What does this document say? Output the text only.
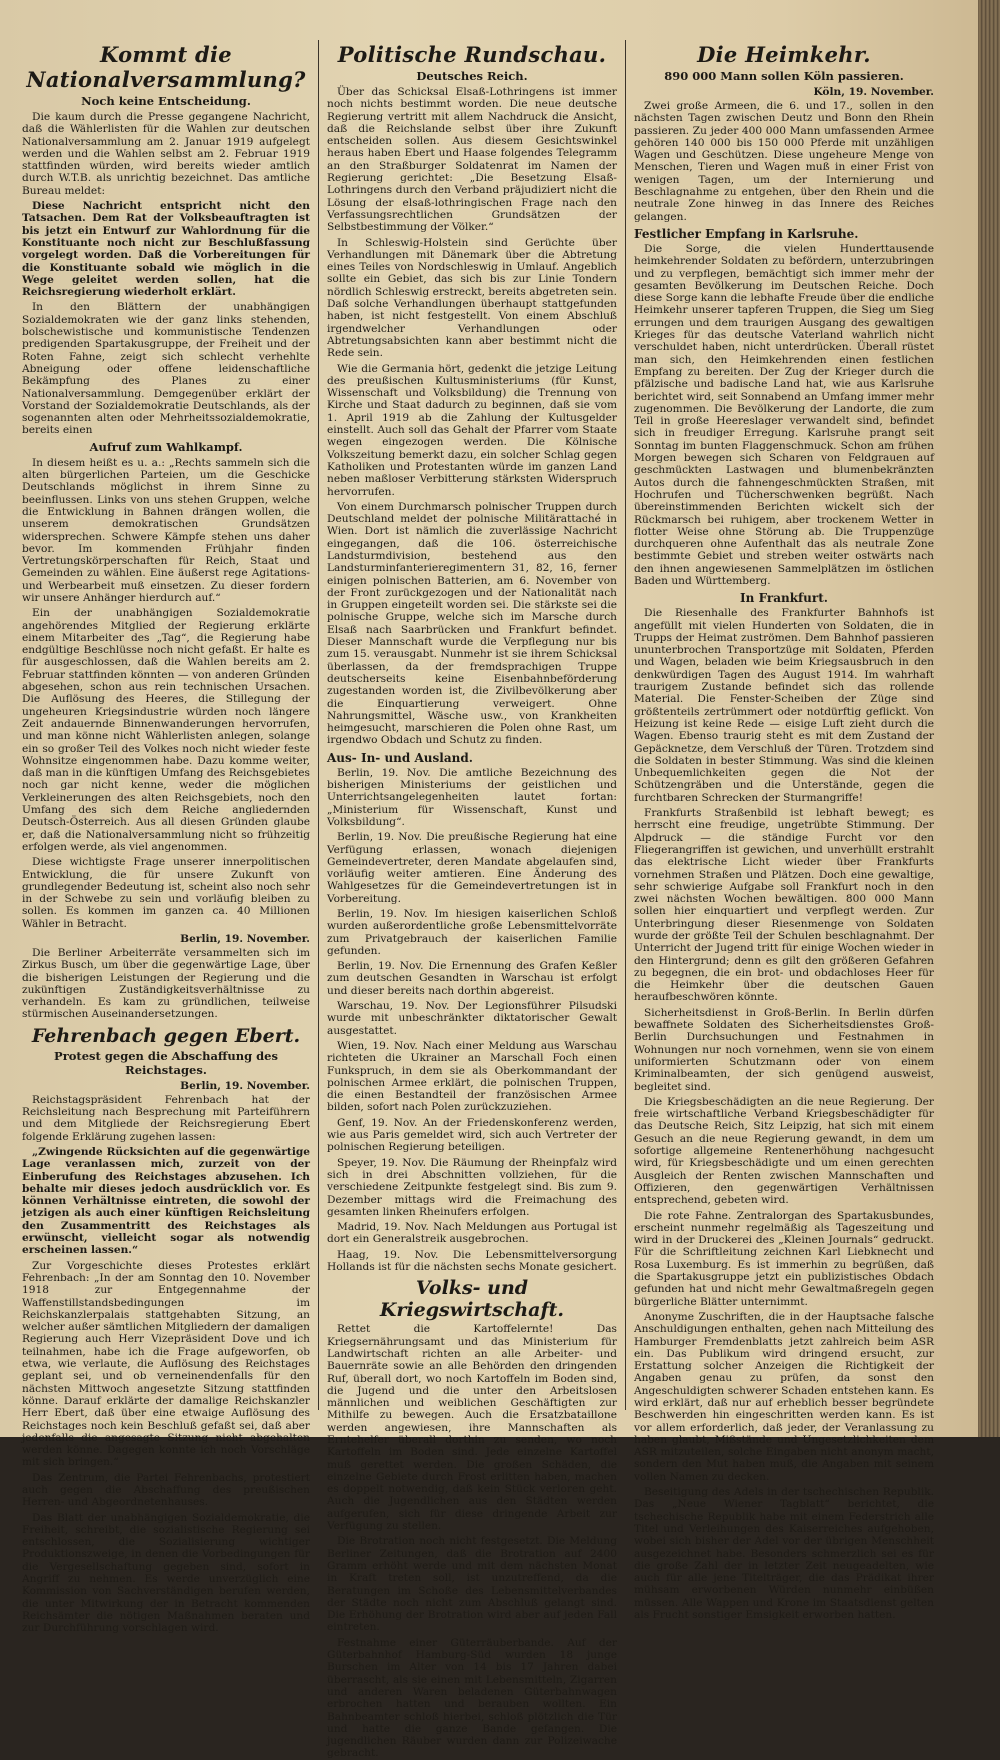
Kommt die Nationalversammlung?
Noch keine Entscheidung.

Die kaum durch die Presse gegangene Nachricht, daß die Wählerlisten für die Wahlen zur deutschen Nationalversammlung am 2. Januar 1919 aufgelegt werden und die Wahlen selbst am 2. Februar 1919 stattfinden würden, wird bereits wieder amtlich durch W.T.B. als unrichtig bezeichnet. Das amtliche Bureau meldet:

Diese Nachricht entspricht nicht den Tatsachen. Dem Rat der Volksbeauftragten ist bis jetzt ein Entwurf zur Wahlordnung für die Konstituante noch nicht zur Beschlußfassung vorgelegt worden. Daß die Vorbereitungen für die Konstituante sobald wie möglich in die Wege geleitet werden sollen, hat die Reichsregierung wiederholt erklärt.

In den Blättern der unabhängigen Sozialdemokraten wie der ganz links stehenden, bolschewistische und kommunistische Tendenzen predigenden Spartakusgruppe, der Freiheit und der Roten Fahne, zeigt sich schlecht verhehlte Abneigung oder offene leidenschaftliche Bekämpfung des Planes zu einer Nationalversammlung. Demgegenüber erklärt der Vorstand der Sozialdemokratie Deutschlands, als der sogenannten alten oder Mehrheitssozialdemokratie, bereits einen

Aufruf zum Wahlkampf.

In diesem heißt es u. a.: „Rechts sammeln sich die alten bürgerlichen Parteien, um die Geschicke Deutschlands möglichst in ihrem Sinne zu beeinflussen. Links von uns stehen Gruppen, welche die Entwicklung in Bahnen drängen wollen, die unserem demokratischen Grundsätzen widersprechen. Schwere Kämpfe stehen uns daher bevor. Im kommenden Frühjahr finden Vertretungskörperschaften für Reich, Staat und Gemeinden zu wählen. Eine äußerst rege Agitations- und Werbearbeit muß einsetzen. Zu dieser fordern wir unsere Anhänger hierdurch auf.“

Ein der unabhängigen Sozialdemokratie angehörendes Mitglied der Regierung erklärte einem Mitarbeiter des „Tag“, die Regierung habe endgültige Beschlüsse noch nicht gefaßt. Er halte es für ausgeschlossen, daß die Wahlen bereits am 2. Februar stattfinden könnten — von anderen Gründen abgesehen, schon aus rein technischen Ursachen. Die Auflösung des Heeres, die Stillegung der ungeheuren Kriegsindustrie würden noch längere Zeit andauernde Binnenwanderungen hervorrufen, und man könne nicht Wählerlisten anlegen, solange ein so großer Teil des Volkes noch nicht wieder feste Wohnsitze eingenommen habe. Dazu komme weiter, daß man in die künftigen Umfang des Reichsgebietes noch gar nicht kenne, weder die möglichen Verkleinerungen des alten Reichsgebiets, noch den Umfang des sich dem Reiche angliedernden Deutsch-Österreich. Aus all diesen Gründen glaube er, daß die Nationalversammlung nicht so frühzeitig erfolgen werde, als viel angenommen.

Diese wichtigste Frage unserer innerpolitischen Entwicklung, die für unsere Zukunft von grundlegender Bedeutung ist, scheint also noch sehr in der Schwebe zu sein und vorläufig bleiben zu sollen. Es kommen im ganzen ca. 40 Millionen Wähler in Betracht.

Berlin, 19. November.

Die Berliner Arbeiterräte versammelten sich im Zirkus Busch, um über die gegenwärtige Lage, über die bisherigen Leistungen der Regierung und die zukünftigen Zuständigkeitsverhältnisse zu verhandeln. Es kam zu gründlichen, teilweise stürmischen Auseinandersetzungen.

Fehrenbach gegen Ebert.
Protest gegen die Abschaffung des Reichstages.
Berlin, 19. November.

Reichstagspräsident Fehrenbach hat der Reichsleitung nach Besprechung mit Parteiführern und dem Mitgliede der Reichsregierung Ebert folgende Erklärung zugehen lassen:

„Zwingende Rücksichten auf die gegenwärtige Lage veranlassen mich, zurzeit von der Einberufung des Reichstages abzusehen. Ich behalte mir dieses jedoch ausdrücklich vor. Es können Verhältnisse eintreten, die sowohl der jetzigen als auch einer künftigen Reichsleitung den Zusammentritt des Reichstages als erwünscht, vielleicht sogar als notwendig erscheinen lassen.“

Zur Vorgeschichte dieses Protestes erklärt Fehrenbach: „In der am Sonntag den 10. November 1918 zur Entgegennahme der Waffenstillstandsbedingungen im Reichskanzlerpalais stattgehabten Sitzung, an welcher außer sämtlichen Mitgliedern der damaligen Regierung auch Herr Vizepräsident Dove und ich teilnahmen, habe ich die Frage aufgeworfen, ob etwa, wie verlaute, die Auflösung des Reichstages geplant sei, und ob verneinendenfalls für den nächsten Mittwoch angesetzte Sitzung stattfinden könne. Darauf erklärte der damalige Reichskanzler Herr Ebert, daß über eine etwaige Auflösung des Reichstages noch kein Beschluß gefaßt sei, daß aber jedenfalls die angesagte Sitzung nicht abgehalten werden könne. Dagegen konnte ich noch Vorschläge mit sich bringen.“

Das Zentrum, die Partei Fehrenbachs, protestiert auch gegen die Abschaffung des preußischen Herren- und Abgeordnetenhauses.

Das Blatt der unabhängigen Sozialdemokratie, die Freiheit, schreibt, die sozialistische Regierung sei entschlossen, die Sozialisierung wichtiger Produktionszweige, in denen die Vorbedingungen für die Vergesellschaftung gegeben sind, sofort in Angriff zu nehmen. Es werde unverzüglich eine Kommission von Sachverständigen berufen werden, die unter Mitwirkung der in Betracht kommenden Reichsämter die nötigen Maßnahmen beraten und zur Durchführung vorschlagen wird.

Politische Rundschau.
Deutsches Reich.

Über das Schicksal Elsaß-Lothringens ist immer noch nichts bestimmt worden. Die neue deutsche Regierung vertritt mit allem Nachdruck die Ansicht, daß die Reichslande selbst über ihre Zukunft entscheiden sollen. Aus diesem Gesichtswinkel heraus haben Ebert und Haase folgendes Telegramm an den Straßburger Soldatenrat im Namen der Regierung gerichtet: „Die Besetzung Elsaß-Lothringens durch den Verband präjudiziert nicht die Lösung der elsaß-lothringischen Frage nach den Verfassungsrechtlichen Grundsätzen der Selbstbestimmung der Völker.“

In Schleswig-Holstein sind Gerüchte über Verhandlungen mit Dänemark über die Abtretung eines Teiles von Nordschleswig in Umlauf. Angeblich sollte ein Gebiet, das sich bis zur Linie Tondern nördlich Schleswig erstreckt, bereits abgetreten sein. Daß solche Verhandlungen überhaupt stattgefunden haben, ist nicht festgestellt. Von einem Abschluß irgendwelcher Verhandlungen oder Abtretungsabsichten kann aber bestimmt nicht die Rede sein.

Wie die Germania hört, gedenkt die jetzige Leitung des preußischen Kultusministeriums (für Kunst, Wissenschaft und Volksbildung) die Trennung von Kirche und Staat dadurch zu beginnen, daß sie vom 1. April 1919 ab die Zahlung der Kultusgelder einstellt. Auch soll das Gehalt der Pfarrer vom Staate wegen eingezogen werden. Die Kölnische Volkszeitung bemerkt dazu, ein solcher Schlag gegen Katholiken und Protestanten würde im ganzen Land neben maßloser Verbitterung stärksten Widerspruch hervorrufen.

Von einem Durchmarsch polnischer Truppen durch Deutschland meldet der polnische Militärattaché in Wien. Dort ist nämlich die zuverlässige Nachricht eingegangen, daß die 106. österreichische Landsturmdivision, bestehend aus den Landsturminfanterieregimentern 31, 82, 16, ferner einigen polnischen Batterien, am 6. November von der Front zurückgezogen und der Nationalität nach in Gruppen eingeteilt worden sei. Die stärkste sei die polnische Gruppe, welche sich im Marsche durch Elsaß nach Saarbrücken und Frankfurt befindet. Dieser Mannschaft wurde die Verpflegung nur bis zum 15. verausgabt. Nunmehr ist sie ihrem Schicksal überlassen, da der fremdsprachigen Truppe deutscherseits keine Eisenbahnbeförderung zugestanden worden ist, die Zivilbevölkerung aber die Einquartierung verweigert. Ohne Nahrungsmittel, Wäsche usw., von Krankheiten heimgesucht, marschieren die Polen ohne Rast, um irgendwo Obdach und Schutz zu finden.

Aus- In- und Ausland.

Berlin, 19. Nov. Die amtliche Bezeichnung des bisherigen Ministeriums der geistlichen und Unterrichtsangelegenheiten lautet fortan: „Ministerium für Wissenschaft, Kunst und Volksbildung“.

Berlin, 19. Nov. Die preußische Regierung hat eine Verfügung erlassen, wonach diejenigen Gemeindevertreter, deren Mandate abgelaufen sind, vorläufig weiter amtieren. Eine Änderung des Wahlgesetzes für die Gemeindevertretungen ist in Vorbereitung.

Berlin, 19. Nov. Im hiesigen kaiserlichen Schloß wurden außerordentliche große Lebensmittelvorräte zum Privatgebrauch der kaiserlichen Familie gefunden.

Berlin, 19. Nov. Die Ernennung des Grafen Keßler zum deutschen Gesandten in Warschau ist erfolgt und dieser bereits nach dorthin abgereist.

Warschau, 19. Nov. Der Legionsführer Pilsudski wurde mit unbeschränkter diktatorischer Gewalt ausgestattet.

Wien, 19. Nov. Nach einer Meldung aus Warschau richteten die Ukrainer an Marschall Foch einen Funkspruch, in dem sie als Oberkommandant der polnischen Armee erklärt, die polnischen Truppen, die einen Bestandteil der französischen Armee bilden, sofort nach Polen zurückzuziehen.

Genf, 19. Nov. An der Friedenskonferenz werden, wie aus Paris gemeldet wird, sich auch Vertreter der polnischen Regierung beteiligen.

Speyer, 19. Nov. Die Räumung der Rheinpfalz wird sich in drei Abschnitten vollziehen, für die verschiedene Zeitpunkte festgelegt sind. Bis zum 9. Dezember mittags wird die Freimachung des gesamten linken Rheinufers erfolgen.

Madrid, 19. Nov. Nach Meldungen aus Portugal ist dort ein Generalstreik ausgebrochen.

Haag, 19. Nov. Die Lebensmittelversorgung Hollands ist für die nächsten sechs Monate gesichert.

Volks- und Kriegswirtschaft.

Rettet die Kartoffelernte! Das Kriegsernährungsamt und das Ministerium für Landwirtschaft richten an alle Arbeiter- und Bauernräte sowie an alle Behörden den dringenden Ruf, überall dort, wo noch Kartoffeln im Boden sind, die Jugend und die unter den Arbeitslosen männlichen und weiblichen Geschäftigten zur Mithilfe zu bewegen. Auch die Ersatzbataillone werden angewiesen, ihre Mannschaften als Erntehelfer überall dorthin zu senden, wo noch Kartoffeln im Boden sind. Jede einzelne Kartoffel muß gerettet werden. Die großen Schäden, die einzelne Gebiete durch Frost erlitten haben, machen es doppelt notwendig, daß kein Stück verloren geht. Auch die Jugendlichen aus den Städten werden aufgerufen, sich für diese dringende Arbeit zur Verfügung zu stellen.

Die Brotration noch nicht festgesetzt. Die Meldung Berliner Zeitungen, daß die Brotration auf 2400 Gramm erhöht werde und mit dem nächsten Monat in Kraft treten soll, ist unzutreffend, da die Beratungen im Schoße des Lebensmittelverbandes der Städte noch nicht zum Abschluß gelangt sind. Die Erhöhung der Brotration wird aber auf jeden Fall eintreten.

Festnahme einer Güterräuberbande. Auf der Güterbahnhof Hamburg-Süd wurden 18 junge Burschen im Alter von 14 bis 17 Jahren dabei überrascht, als sie einen mit Lebensmitteln, Zigarren und anderen Waren beladenen Güterbahnwagen erbrochen hatten und berauben wollten. Ein Bahnbeamter schloß hierbei, schloß plötzlich die Tür und hatte die ganze Bande gefangen. Die jugendlichen Räuber wurden dann zur Polizeiwache gebracht.

Die Heimkehr.
890 000 Mann sollen Köln passieren.
Köln, 19. November.

Zwei große Armeen, die 6. und 17., sollen in den nächsten Tagen zwischen Deutz und Bonn den Rhein passieren. Zu jeder 400 000 Mann umfassenden Armee gehören 140 000 bis 150 000 Pferde mit unzähligen Wagen und Geschützen. Diese ungeheure Menge von Menschen, Tieren und Wagen muß in einer Frist von wenigen Tagen, um der Internierung und Beschlagnahme zu entgehen, über den Rhein und die neutrale Zone hinweg in das Innere des Reiches gelangen.

Festlicher Empfang in Karlsruhe.

Die Sorge, die vielen Hunderttausende heimkehrender Soldaten zu befördern, unterzubringen und zu verpflegen, bemächtigt sich immer mehr der gesamten Bevölkerung im Deutschen Reiche. Doch diese Sorge kann die lebhafte Freude über die endliche Heimkehr unserer tapferen Truppen, die Sieg um Sieg errungen und dem traurigen Ausgang des gewaltigen Krieges für das deutsche Vaterland wahrlich nicht verschuldet haben, nicht unterdrücken. Überall rüstet man sich, den Heimkehrenden einen festlichen Empfang zu bereiten. Der Zug der Krieger durch die pfälzische und badische Land hat, wie aus Karlsruhe berichtet wird, seit Sonnabend an Umfang immer mehr zugenommen. Die Bevölkerung der Landorte, die zum Teil in große Heereslager verwandelt sind, befindet sich in freudiger Erregung. Karlsruhe prangt seit Sonntag im bunten Flaggenschmuck. Schon am frühen Morgen bewegen sich Scharen von Feldgrauen auf geschmückten Lastwagen und blumenbekränzten Autos durch die fahnengeschmückten Straßen, mit Hochrufen und Tücherschwenken begrüßt. Nach übereinstimmenden Berichten wickelt sich der Rückmarsch bei ruhigem, aber trockenem Wetter in flotter Weise ohne Störung ab. Die Truppenzüge durchqueren ohne Aufenthalt das als neutrale Zone bestimmte Gebiet und streben weiter ostwärts nach den ihnen angewiesenen Sammelplätzen im östlichen Baden und Württemberg.

In Frankfurt.

Die Riesenhalle des Frankfurter Bahnhofs ist angefüllt mit vielen Hunderten von Soldaten, die in Trupps der Heimat zuströmen. Dem Bahnhof passieren ununterbrochen Transportzüge mit Soldaten, Pferden und Wagen, beladen wie beim Kriegsausbruch in den denkwürdigen Tagen des August 1914. Im wahrhaft traurigem Zustande befindet sich das rollende Material. Die Fenster-Scheiben der Züge sind größtenteils zertrümmert oder notdürftig geflickt. Von Heizung ist keine Rede — eisige Luft zieht durch die Wagen. Ebenso traurig steht es mit dem Zustand der Gepäcknetze, dem Verschluß der Türen. Trotzdem sind die Soldaten in bester Stimmung. Was sind die kleinen Unbequemlichkeiten gegen die Not der Schützengräben und die Unterstände, gegen die furchtbaren Schrecken der Sturmangriffe!

Frankfurts Straßenbild ist lebhaft bewegt; es herrscht eine freudige, ungetrübte Stimmung. Der Alpdruck — die ständige Furcht vor den Fliegerangriffen ist gewichen, und unverhüllt erstrahlt das elektrische Licht wieder über Frankfurts vornehmen Straßen und Plätzen. Doch eine gewaltige, sehr schwierige Aufgabe soll Frankfurt noch in den zwei nächsten Wochen bewältigen. 800 000 Mann sollen hier einquartiert und verpflegt werden. Zur Unterbringung dieser Riesenmenge von Soldaten wurde der größte Teil der Schulen beschlagnahmt. Der Unterricht der Jugend tritt für einige Wochen wieder in den Hintergrund; denn es gilt den größeren Gefahren zu begegnen, die ein brot- und obdachloses Heer für die Heimkehr über die deutschen Gauen heraufbeschwören könnte.

Sicherheitsdienst in Groß-Berlin. In Berlin dürfen bewaffnete Soldaten des Sicherheitsdienstes Groß-Berlin Durchsuchungen und Festnahmen in Wohnungen nur noch vornehmen, wenn sie von einem uniformierten Schutzmann oder von einem Kriminalbeamten, der sich genügend ausweist, begleitet sind.

Die Kriegsbeschädigten an die neue Regierung. Der freie wirtschaftliche Verband Kriegsbeschädigter für das Deutsche Reich, Sitz Leipzig, hat sich mit einem Gesuch an die neue Regierung gewandt, in dem um sofortige allgemeine Rentenerhöhung nachgesucht wird, für Kriegsbeschädigte und um einen gerechten Ausgleich der Renten zwischen Mannschaften und Offizieren, den gegenwärtigen Verhältnissen entsprechend, gebeten wird.

Die rote Fahne. Zentralorgan des Spartakusbundes, erscheint nunmehr regelmäßig als Tageszeitung und wird in der Druckerei des „Kleinen Journals“ gedruckt. Für die Schriftleitung zeichnen Karl Liebknecht und Rosa Luxemburg. Es ist immerhin zu begrüßen, daß die Spartakusgruppe jetzt ein publizistisches Obdach gefunden hat und nicht mehr Gewaltmaßregeln gegen bürgerliche Blätter unternimmt.

Anonyme Zuschriften, die in der Hauptsache falsche Anschuldigungen enthalten, gehen nach Mitteilung des Hamburger Fremdenblatts jetzt zahlreich beim ASR ein. Das Publikum wird dringend ersucht, zur Erstattung solcher Anzeigen die Richtigkeit der Angaben genau zu prüfen, da sonst den Angeschuldigten schwerer Schaden entstehen kann. Es wird erklärt, daß nur auf erheblich besser begründete Beschwerden hin eingeschritten werden kann. Es ist vor allem erforderlich, daß jeder, der Veranlassung zu haben glaubt, Mißstände und Ungesetzlichkeiten dem ASR mitzuteilen, solche Eingaben nicht anonym macht, sondern den Mut haben muß, die Angaben mit seinem vollen Namen zu decken.

Beseitigung des Adels in der tschechischen Republik. Das „Neue Wiener Tagblatt“ berichtet, die tschechische Republik habe mit einem Federstrich alle Titel und Verleihungen des Kaiserreiches aufgehoben, wobei sich bisher der Adel vor der übrigen Menschheit ausgezeichnet habe. Besonders schmerzlich sei es für die große Zahl der in letzter Zeit neugeadelten, wie auch für alle jene Titelträger, die das Prädikat ihrer mühsam erworbenen Würden nunmehr einbüßen müssen. Alle Wappen und Krone im Staatsdienst gelten als Frucht sonstiger Emsigkeit erworben hatten.
